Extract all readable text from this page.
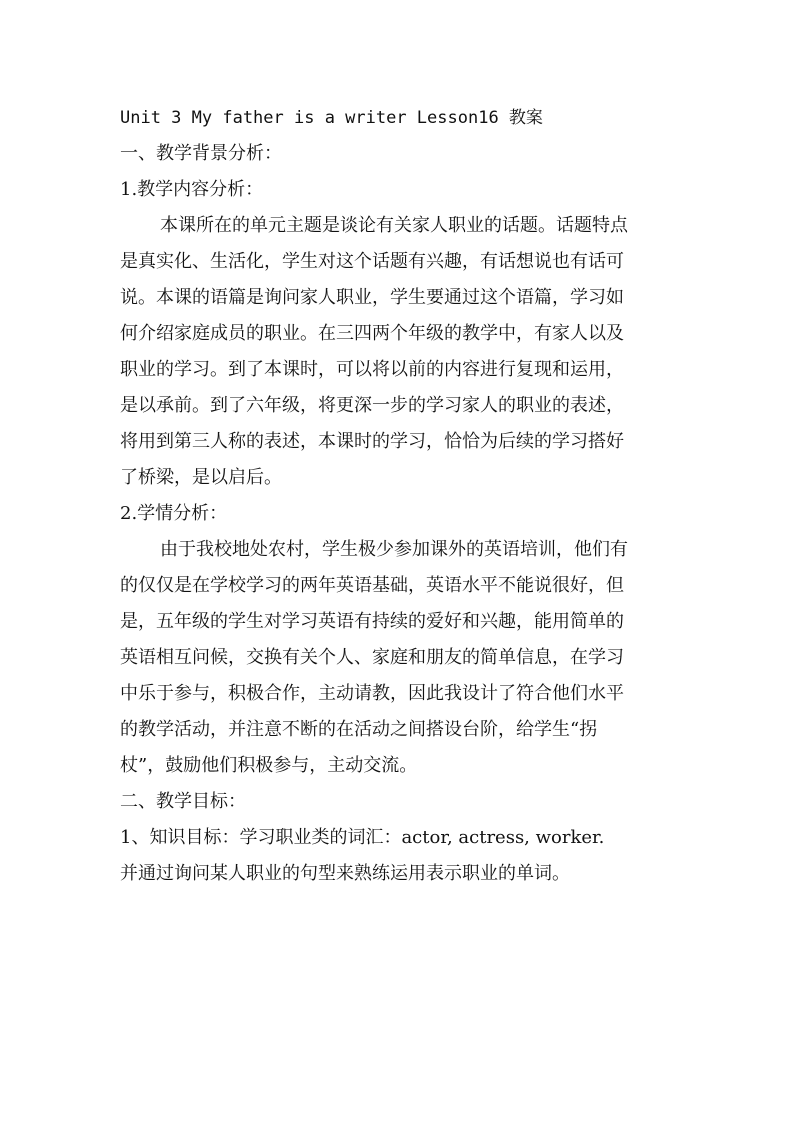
Unit 3 My father is a writer Lesson16 教案

一、教学背景分析：

1.教学内容分析：

本课所在的单元主题是谈论有关家人职业的话题。话题特点

是真实化、生活化，学生对这个话题有兴趣，有话想说也有话可

说。本课的语篇是询问家人职业，学生要通过这个语篇，学习如

何介绍家庭成员的职业。在三四两个年级的教学中，有家人以及

职业的学习。到了本课时，可以将以前的内容进行复现和运用，

是以承前。到了六年级，将更深一步的学习家人的职业的表述，

将用到第三人称的表述，本课时的学习，恰恰为后续的学习搭好

了桥梁，是以启后。

2.学情分析：

由于我校地处农村，学生极少参加课外的英语培训，他们有

的仅仅是在学校学习的两年英语基础，英语水平不能说很好，但

是，五年级的学生对学习英语有持续的爱好和兴趣，能用简单的

英语相互问候，交换有关个人、家庭和朋友的简单信息，在学习

中乐于参与，积极合作，主动请教，因此我设计了符合他们水平

的教学活动，并注意不断的在活动之间搭设台阶，给学生“拐

杖”，鼓励他们积极参与，主动交流。

二、教学目标：

1、知识目标：学习职业类的词汇：actor, actress, worker.

并通过询问某人职业的句型来熟练运用表示职业的单词。
